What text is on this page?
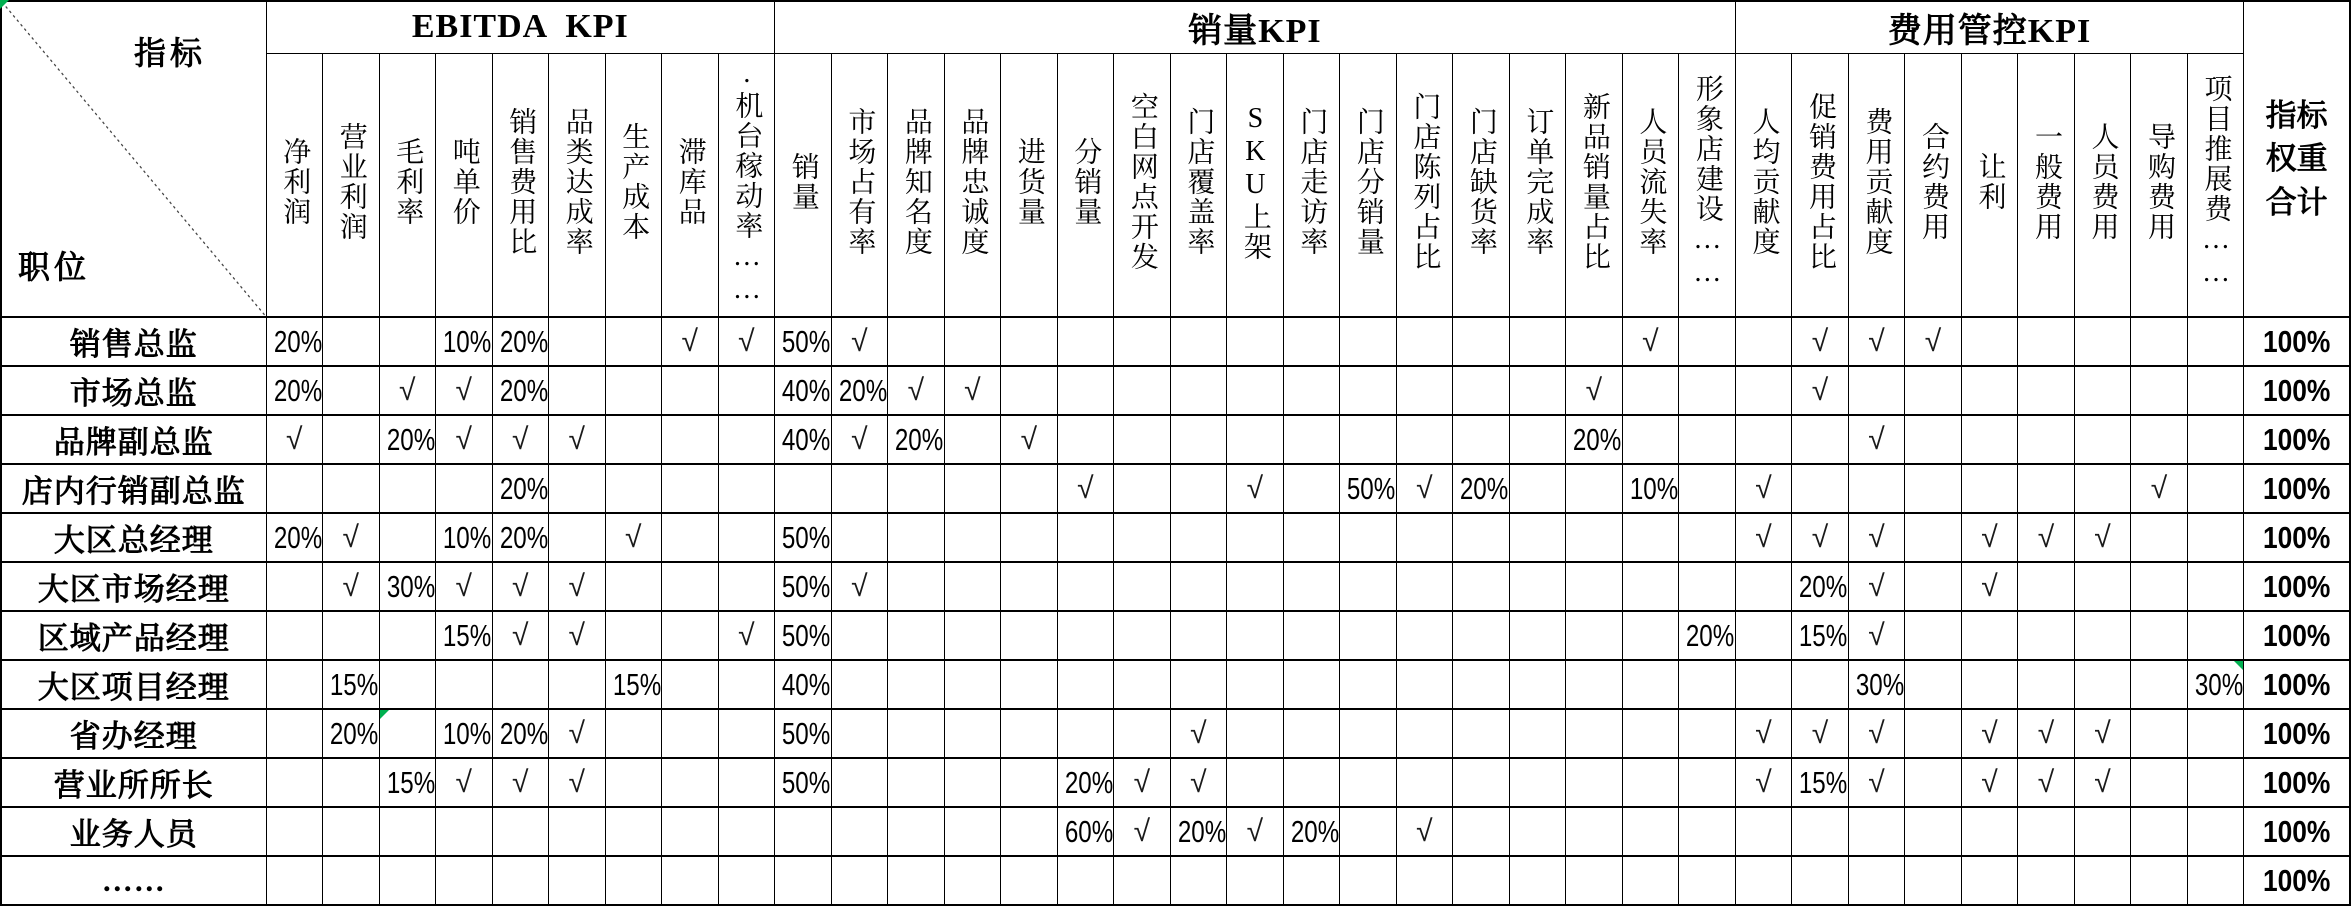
指标
职位	EBITDA  KPI									销量KPI																	费用管控KPI									指标权重合计
	净利润	营业利润	毛利率	吨单价	销售费用比	品类达成率	生产成本	滞库品	.机台稼动率……	销量	市场占有率	品牌知名度	品牌忠诚度	进货量	分销量	空白网点开发	门店覆盖率	SKU上架	门店走访率	门店分销量	门店陈列占比	门店缺货率	订单完成率	新品销量占比	人员流失率	形象店建设……	人均贡献度	促销费用占比	费用贡献度	合约费用	让利	一般费用	人员费用	导购费用	项目推展费……	
销售总监	20%			10%	20%			√	√	50%	√														√			√	√	√						100%
市场总监	20%		√	√	20%					40%	20%	√	√											√				√								100%
品牌副总监	√		20%	√	√	√				40%	√	20%		√										20%					√							100%
店内行销副总监					20%										√			√		50%	√	20%			10%		√							√		100%
大区总经理	20%	√		10%	20%		√			50%																	√	√	√		√	√	√			100%
大区市场经理		√	30%	√	√	√				50%	√																	20%	√		√					100%
区域产品经理				15%	√	√			√	50%																20%		15%	√							100%
大区项目经理		15%					15%			40%																			30%						30%	100%
省办经理		20%		10%	20%	√				50%							√										√	√	√		√	√	√			100%
营业所所长			15%	√	√	√				50%					20%	√	√										√	15%	√		√	√	√			100%
业务人员															60%	√	20%	√	20%		√															100%
……																																				100%
